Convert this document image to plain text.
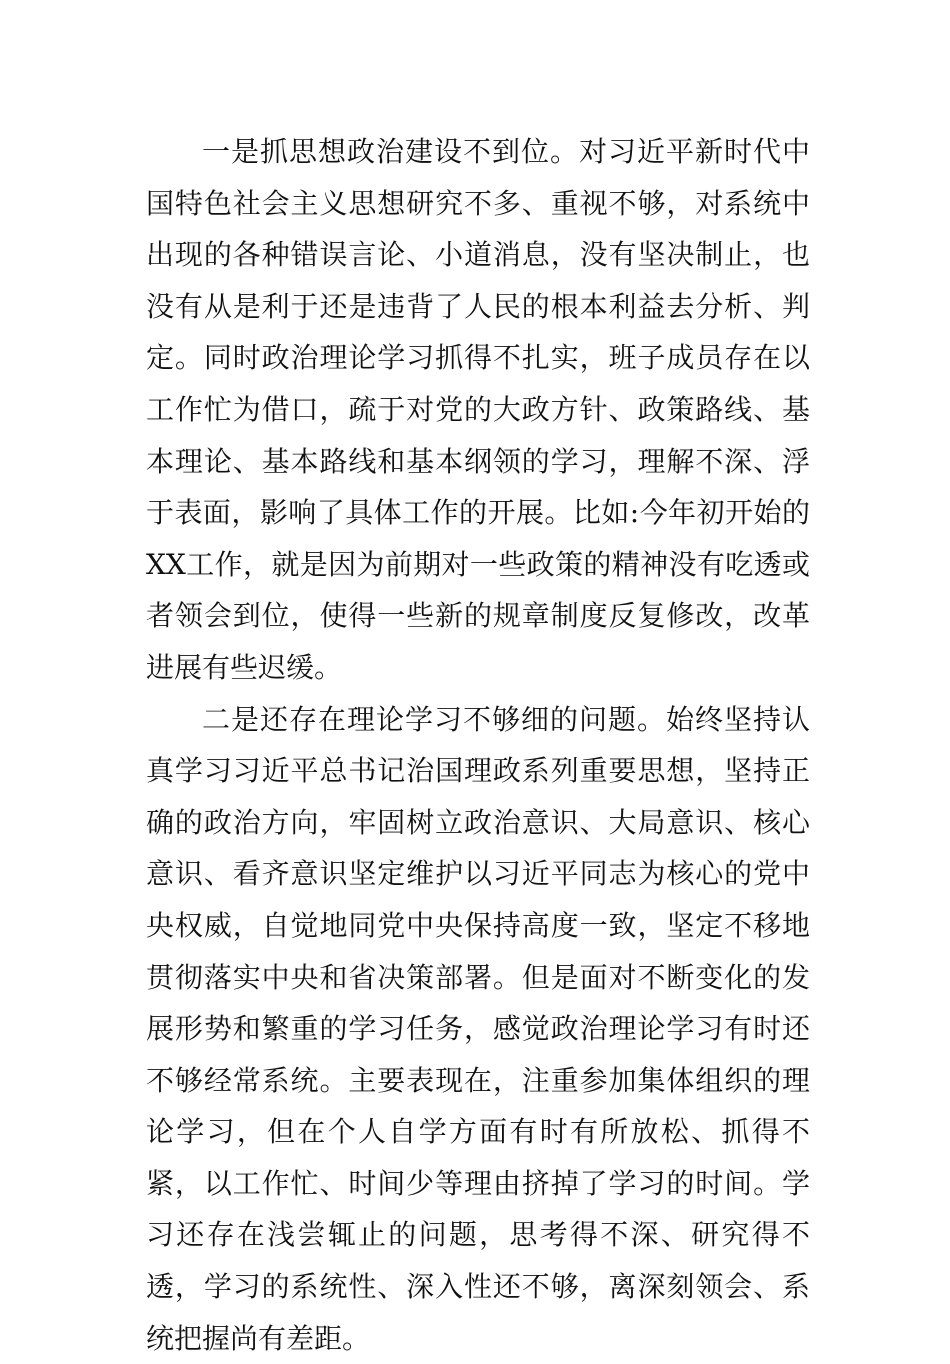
一是抓思想政治建设不到位。对习近平新时代中国特色社会主义思想研究不多、重视不够，对系统中出现的各种错误言论、小道消息，没有坚决制止，也没有从是利于还是违背了人民的根本利益去分析、判定。同时政治理论学习抓得不扎实，班子成员存在以工作忙为借口，疏于对党的大政方针、政策路线、基本理论、基本路线和基本纲领的学习，理解不深、浮于表面，影响了具体工作的开展。比如:今年初开始的XX工作，就是因为前期对一些政策的精神没有吃透或者领会到位，使得一些新的规章制度反复修改，改革进展有些迟缓。

二是还存在理论学习不够细的问题。始终坚持认真学习习近平总书记治国理政系列重要思想，坚持正确的政治方向，牢固树立政治意识、大局意识、核心意识、看齐意识坚定维护以习近平同志为核心的党中央权威，自觉地同党中央保持高度一致，坚定不移地贯彻落实中央和省决策部署。但是面对不断变化的发展形势和繁重的学习任务，感觉政治理论学习有时还不够经常系统。主要表现在，注重参加集体组织的理论学习，但在个人自学方面有时有所放松、抓得不紧，以工作忙、时间少等理由挤掉了学习的时间。学习还存在浅尝辄止的问题，思考得不深、研究得不透，学习的系统性、深入性还不够，离深刻领会、系统把握尚有差距。
